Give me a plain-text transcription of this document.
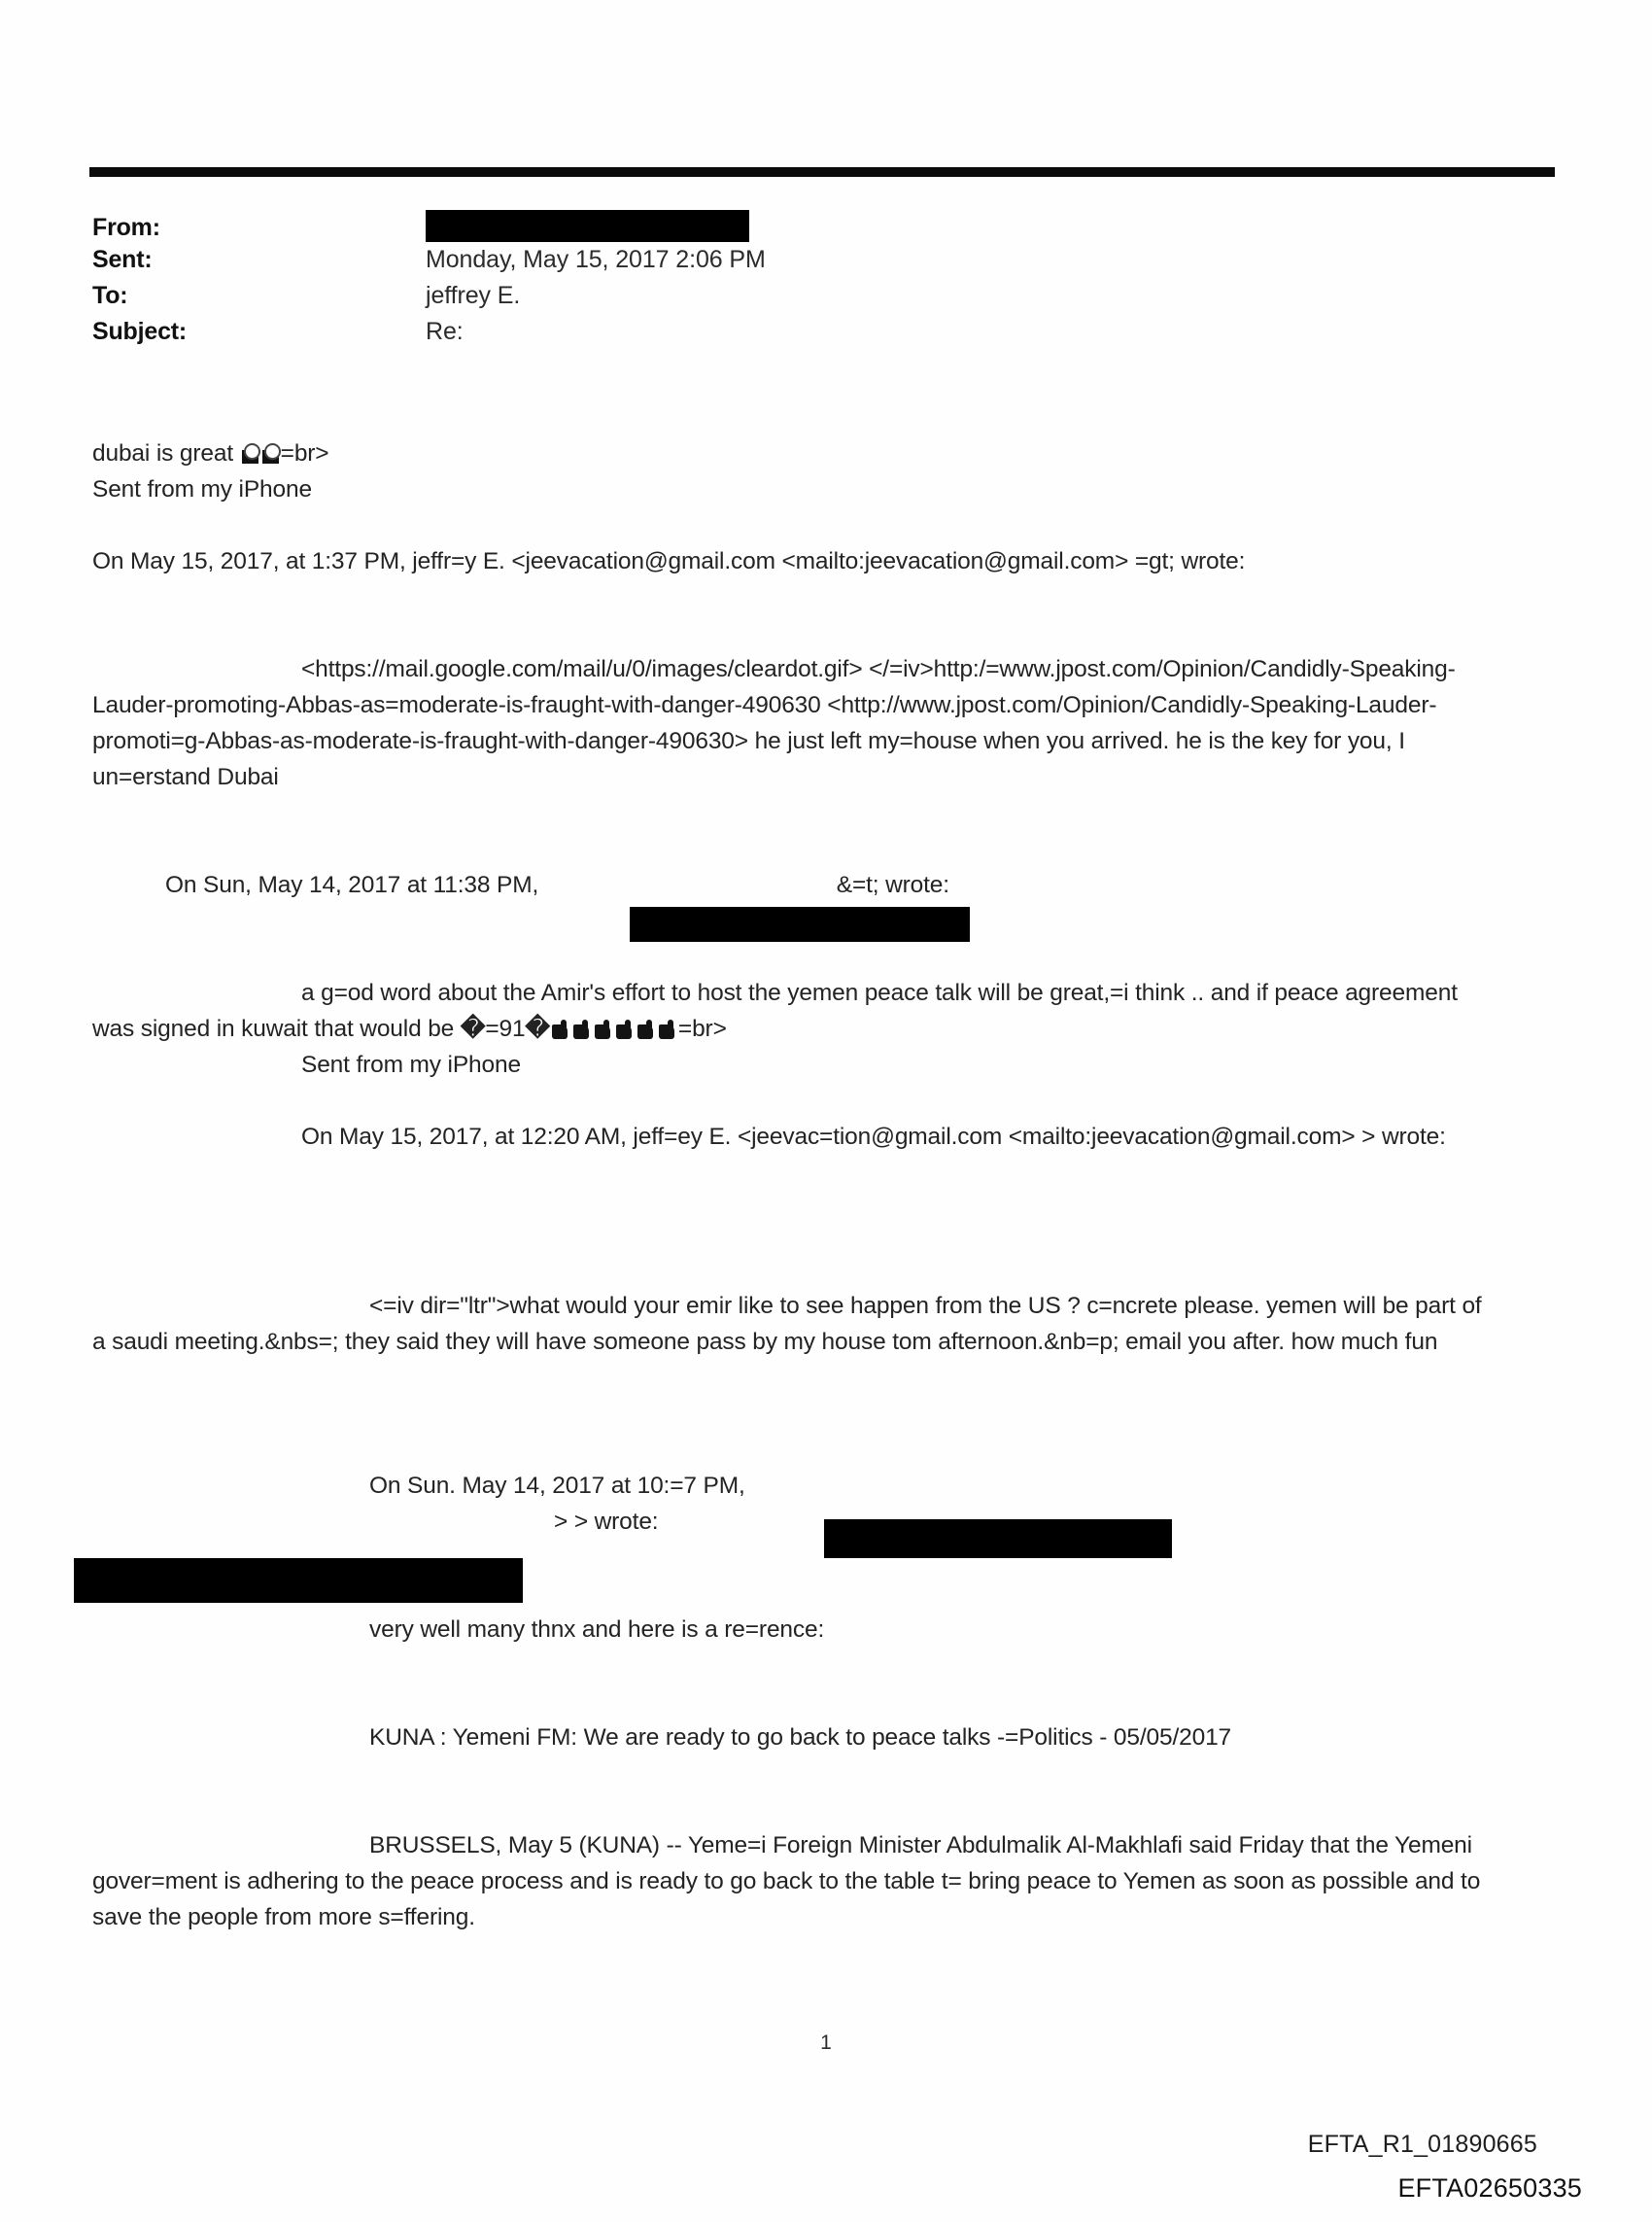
From:
Sent:	Monday, May 15, 2017 2:06 PM
To:	jeffrey E.
Subject:	Re:
dubai is great =br>
Sent from my iPhone
On May 15, 2017, at 1:37 PM, jeffr=y E. <jeevacation@gmail.com <mailto:jeevacation@gmail.com> =gt; wrote:
<https://mail.google.com/mail/u/0/images/cleardot.gif> </=iv>http:/=www.jpost.com/Opinion/Candidly-Speaking-Lauder-promoting-Abbas-as=moderate-is-fraught-with-danger-490630 <http://www.jpost.com/Opinion/Candidly-Speaking-Lauder-promoti=g-Abbas-as-moderate-is-fraught-with-danger-490630> he just left my=house when you arrived. he is the key for you, I un=erstand Dubai
On Sun, May 14, 2017 at 11:38 PM,	&=t; wrote:
a g=od word about the Amir's effort to host the yemen peace talk will be great,=i think .. and if peace agreement was signed in kuwait that would be �=91�	=br>
Sent from my iPhone
On May 15, 2017, at 12:20 AM, jeff=ey E. <jeevac=tion@gmail.com <mailto:jeevacation@gmail.com> > wrote:
<=iv dir="ltr">what would your emir like to see happen from the US ? c=ncrete please. yemen will be part of a saudi meeting.&nbs=; they said they will have someone pass by my house tom afternoon.&nb=p; email you after. how much fun
On Sun. May 14, 2017 at 10:=7 PM,
> > wrote:
very well many thnx and here is a re=rence:
KUNA : Yemeni FM: We are ready to go back to peace talks -=Politics - 05/05/2017
BRUSSELS, May 5 (KUNA) -- Yeme=i Foreign Minister Abdulmalik Al-Makhlafi said Friday that the Yemeni gover=ment is adhering to the peace process and is ready to go back to the table t= bring peace to Yemen as soon as possible and to save the people from more s=ffering.
1
EFTA_R1_01890665
EFTA02650335
